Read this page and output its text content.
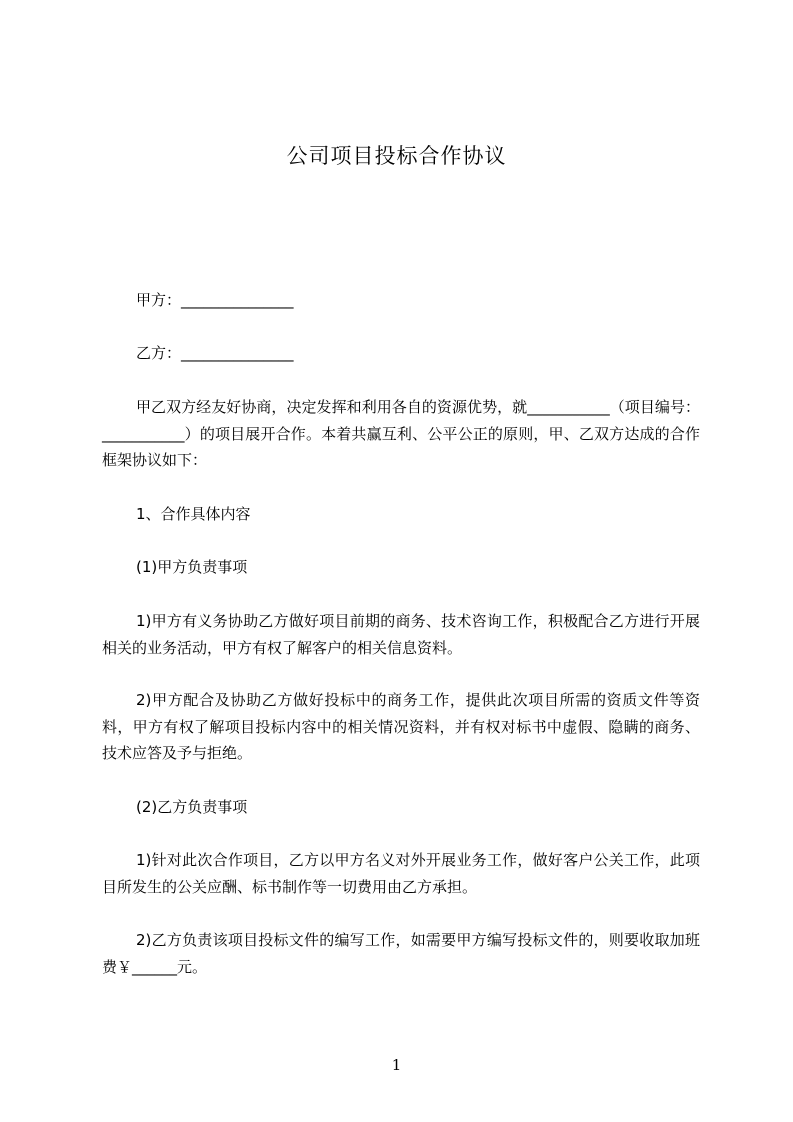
公司项目投标合作协议
甲方：_______________
乙方：_______________
甲乙双方经友好协商，决定发挥和利用各自的资源优势，就___________（项目编号：___________）的项目展开合作。本着共赢互利、公平公正的原则，甲、乙双方达成的合作框架协议如下：
1、合作具体内容
(1)甲方负责事项
1)甲方有义务协助乙方做好项目前期的商务、技术咨询工作，积极配合乙方进行开展相关的业务活动，甲方有权了解客户的相关信息资料。
2)甲方配合及协助乙方做好投标中的商务工作，提供此次项目所需的资质文件等资料，甲方有权了解项目投标内容中的相关情况资料，并有权对标书中虚假、隐瞒的商务、技术应答及予与拒绝。
(2)乙方负责事项
1)针对此次合作项目，乙方以甲方名义对外开展业务工作，做好客户公关工作，此项目所发生的公关应酬、标书制作等一切费用由乙方承担。
2)乙方负责该项目投标文件的编写工作，如需要甲方编写投标文件的，则要收取加班费￥______元。
1
